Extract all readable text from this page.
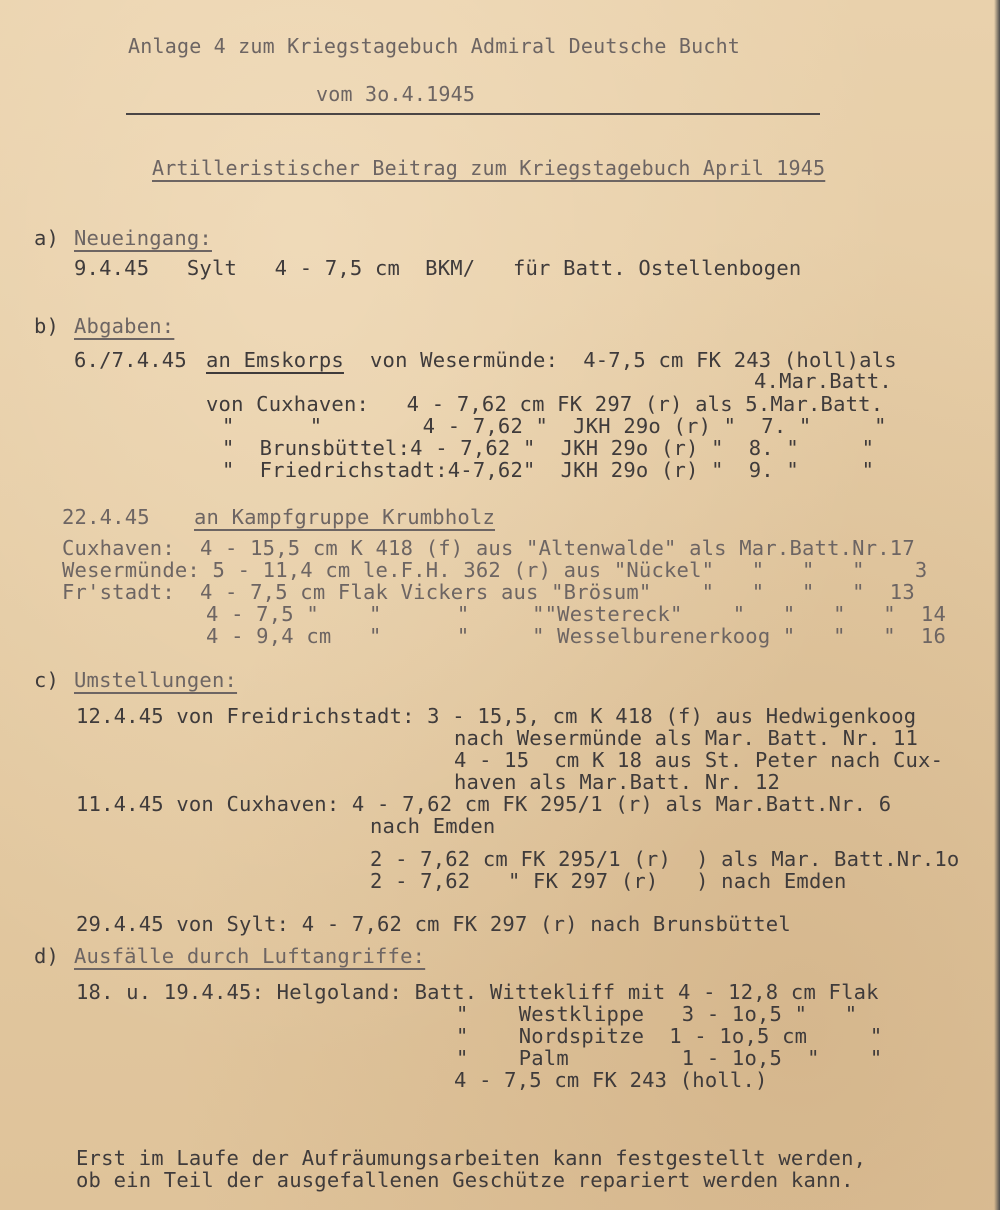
Anlage 4 zum Kriegstagebuch Admiral Deutsche Bucht
vom 3o.4.1945
Artilleristischer Beitrag zum Kriegstagebuch April 1945
a) Neueingang:
9.4.45   Sylt   4 - 7,5 cm  BKM/   für Batt. Ostellenbogen
b) Abgaben:
6./7.4.45 an Emskorps von Wesermünde:  4-7,5 cm FK 243 (holl)als
4.Mar.Batt.
von Cuxhaven:   4 - 7,62 cm FK 297 (r) als 5.Mar.Batt.
"      "        4 - 7,62 "  JKH 29o (r) "  7. "     "
"  Brunsbüttel:4 - 7,62 "  JKH 29o (r) "  8. "     "
"  Friedrichstadt:4-7,62"  JKH 29o (r) "  9. "     "
22.4.45 an Kampfgruppe Krumbholz
Cuxhaven:  4 - 15,5 cm K 418 (f) aus "Altenwalde" als Mar.Batt.Nr.17
Wesermünde: 5 - 11,4 cm le.F.H. 362 (r) aus "Nückel"   "   "   "    3
Fr'stadt:  4 - 7,5 cm Flak Vickers aus "Brösum"    "   "   "   "  13
4 - 7,5 "    "      "     ""Westereck"    "   "   "   "  14
4 - 9,4 cm   "      "     " Wesselburenerkoog "   "   "  16
c) Umstellungen:
12.4.45 von Freidrichstadt: 3 - 15,5, cm K 418 (f) aus Hedwigenkoog
nach Wesermünde als Mar. Batt. Nr. 11
4 - 15  cm K 18 aus St. Peter nach Cux-
haven als Mar.Batt. Nr. 12
11.4.45 von Cuxhaven: 4 - 7,62 cm FK 295/1 (r) als Mar.Batt.Nr. 6
nach Emden
2 - 7,62 cm FK 295/1 (r)  ) als Mar. Batt.Nr.1o
2 - 7,62   " FK 297 (r)   ) nach Emden
29.4.45 von Sylt: 4 - 7,62 cm FK 297 (r) nach Brunsbüttel
d) Ausfälle durch Luftangriffe:
18. u. 19.4.45: Helgoland: Batt. Wittekliff mit 4 - 12,8 cm Flak
"    Westklippe   3 - 1o,5 "   "
"    Nordspitze  1 - 1o,5 cm     "
"    Palm         1 - 1o,5  "    "
4 - 7,5 cm FK 243 (holl.)
Erst im Laufe der Aufräumungsarbeiten kann festgestellt werden,
ob ein Teil der ausgefallenen Geschütze repariert werden kann.
